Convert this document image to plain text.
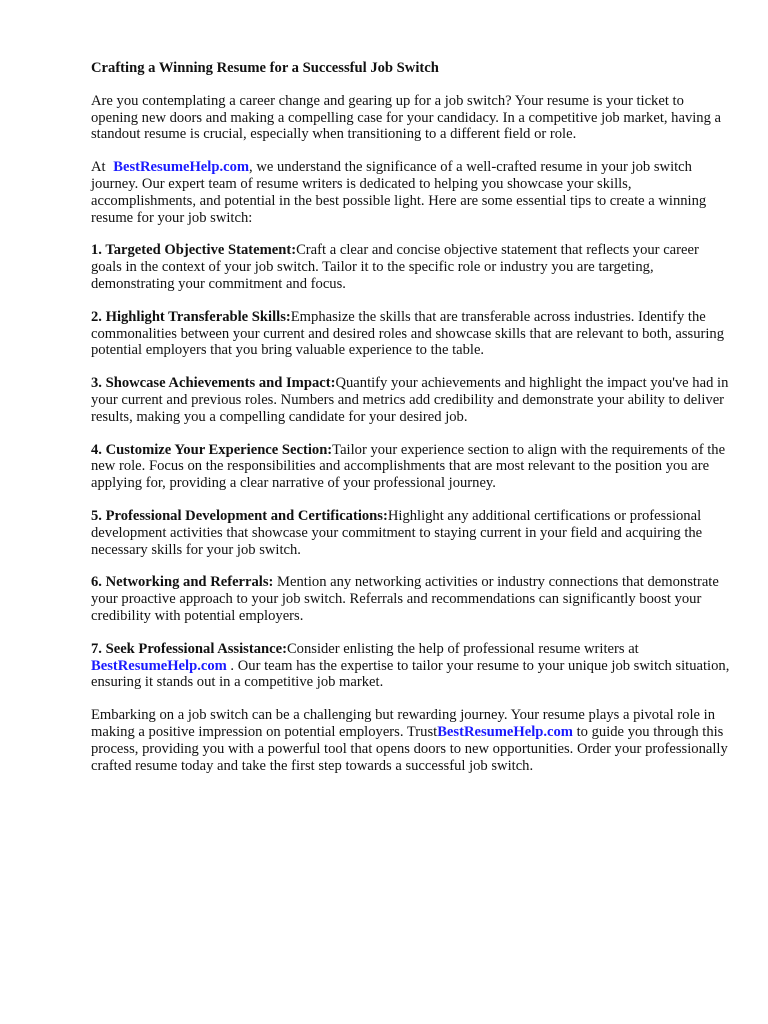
Crafting a Winning Resume for a Successful Job Switch

Are you contemplating a career change and gearing up for a job switch? Your resume is your ticket to opening new doors and making a compelling case for your candidacy. In a competitive job market, having a standout resume is crucial, especially when transitioning to a different field or role.

At BestResumeHelp.com, we understand the significance of a well-crafted resume in your job switch journey. Our expert team of resume writers is dedicated to helping you showcase your skills, accomplishments, and potential in the best possible light. Here are some essential tips to create a winning resume for your job switch:

1. Targeted Objective Statement:Craft a clear and concise objective statement that reflects your career goals in the context of your job switch. Tailor it to the specific role or industry you are targeting, demonstrating your commitment and focus.

2. Highlight Transferable Skills:Emphasize the skills that are transferable across industries. Identify the commonalities between your current and desired roles and showcase skills that are relevant to both, assuring potential employers that you bring valuable experience to the table.

3. Showcase Achievements and Impact:Quantify your achievements and highlight the impact you've had in your current and previous roles. Numbers and metrics add credibility and demonstrate your ability to deliver results, making you a compelling candidate for your desired job.

4. Customize Your Experience Section:Tailor your experience section to align with the requirements of the new role. Focus on the responsibilities and accomplishments that are most relevant to the position you are applying for, providing a clear narrative of your professional journey.

5. Professional Development and Certifications:Highlight any additional certifications or professional development activities that showcase your commitment to staying current in your field and acquiring the necessary skills for your job switch.

6. Networking and Referrals: Mention any networking activities or industry connections that demonstrate your proactive approach to your job switch. Referrals and recommendations can significantly boost your credibility with potential employers.

7. Seek Professional Assistance:Consider enlisting the help of professional resume writers at BestResumeHelp.com . Our team has the expertise to tailor your resume to your unique job switch situation, ensuring it stands out in a competitive job market.

Embarking on a job switch can be a challenging but rewarding journey. Your resume plays a pivotal role in making a positive impression on potential employers. TrustBestResumeHelp.com to guide you through this process, providing you with a powerful tool that opens doors to new opportunities. Order your professionally crafted resume today and take the first step towards a successful job switch.
